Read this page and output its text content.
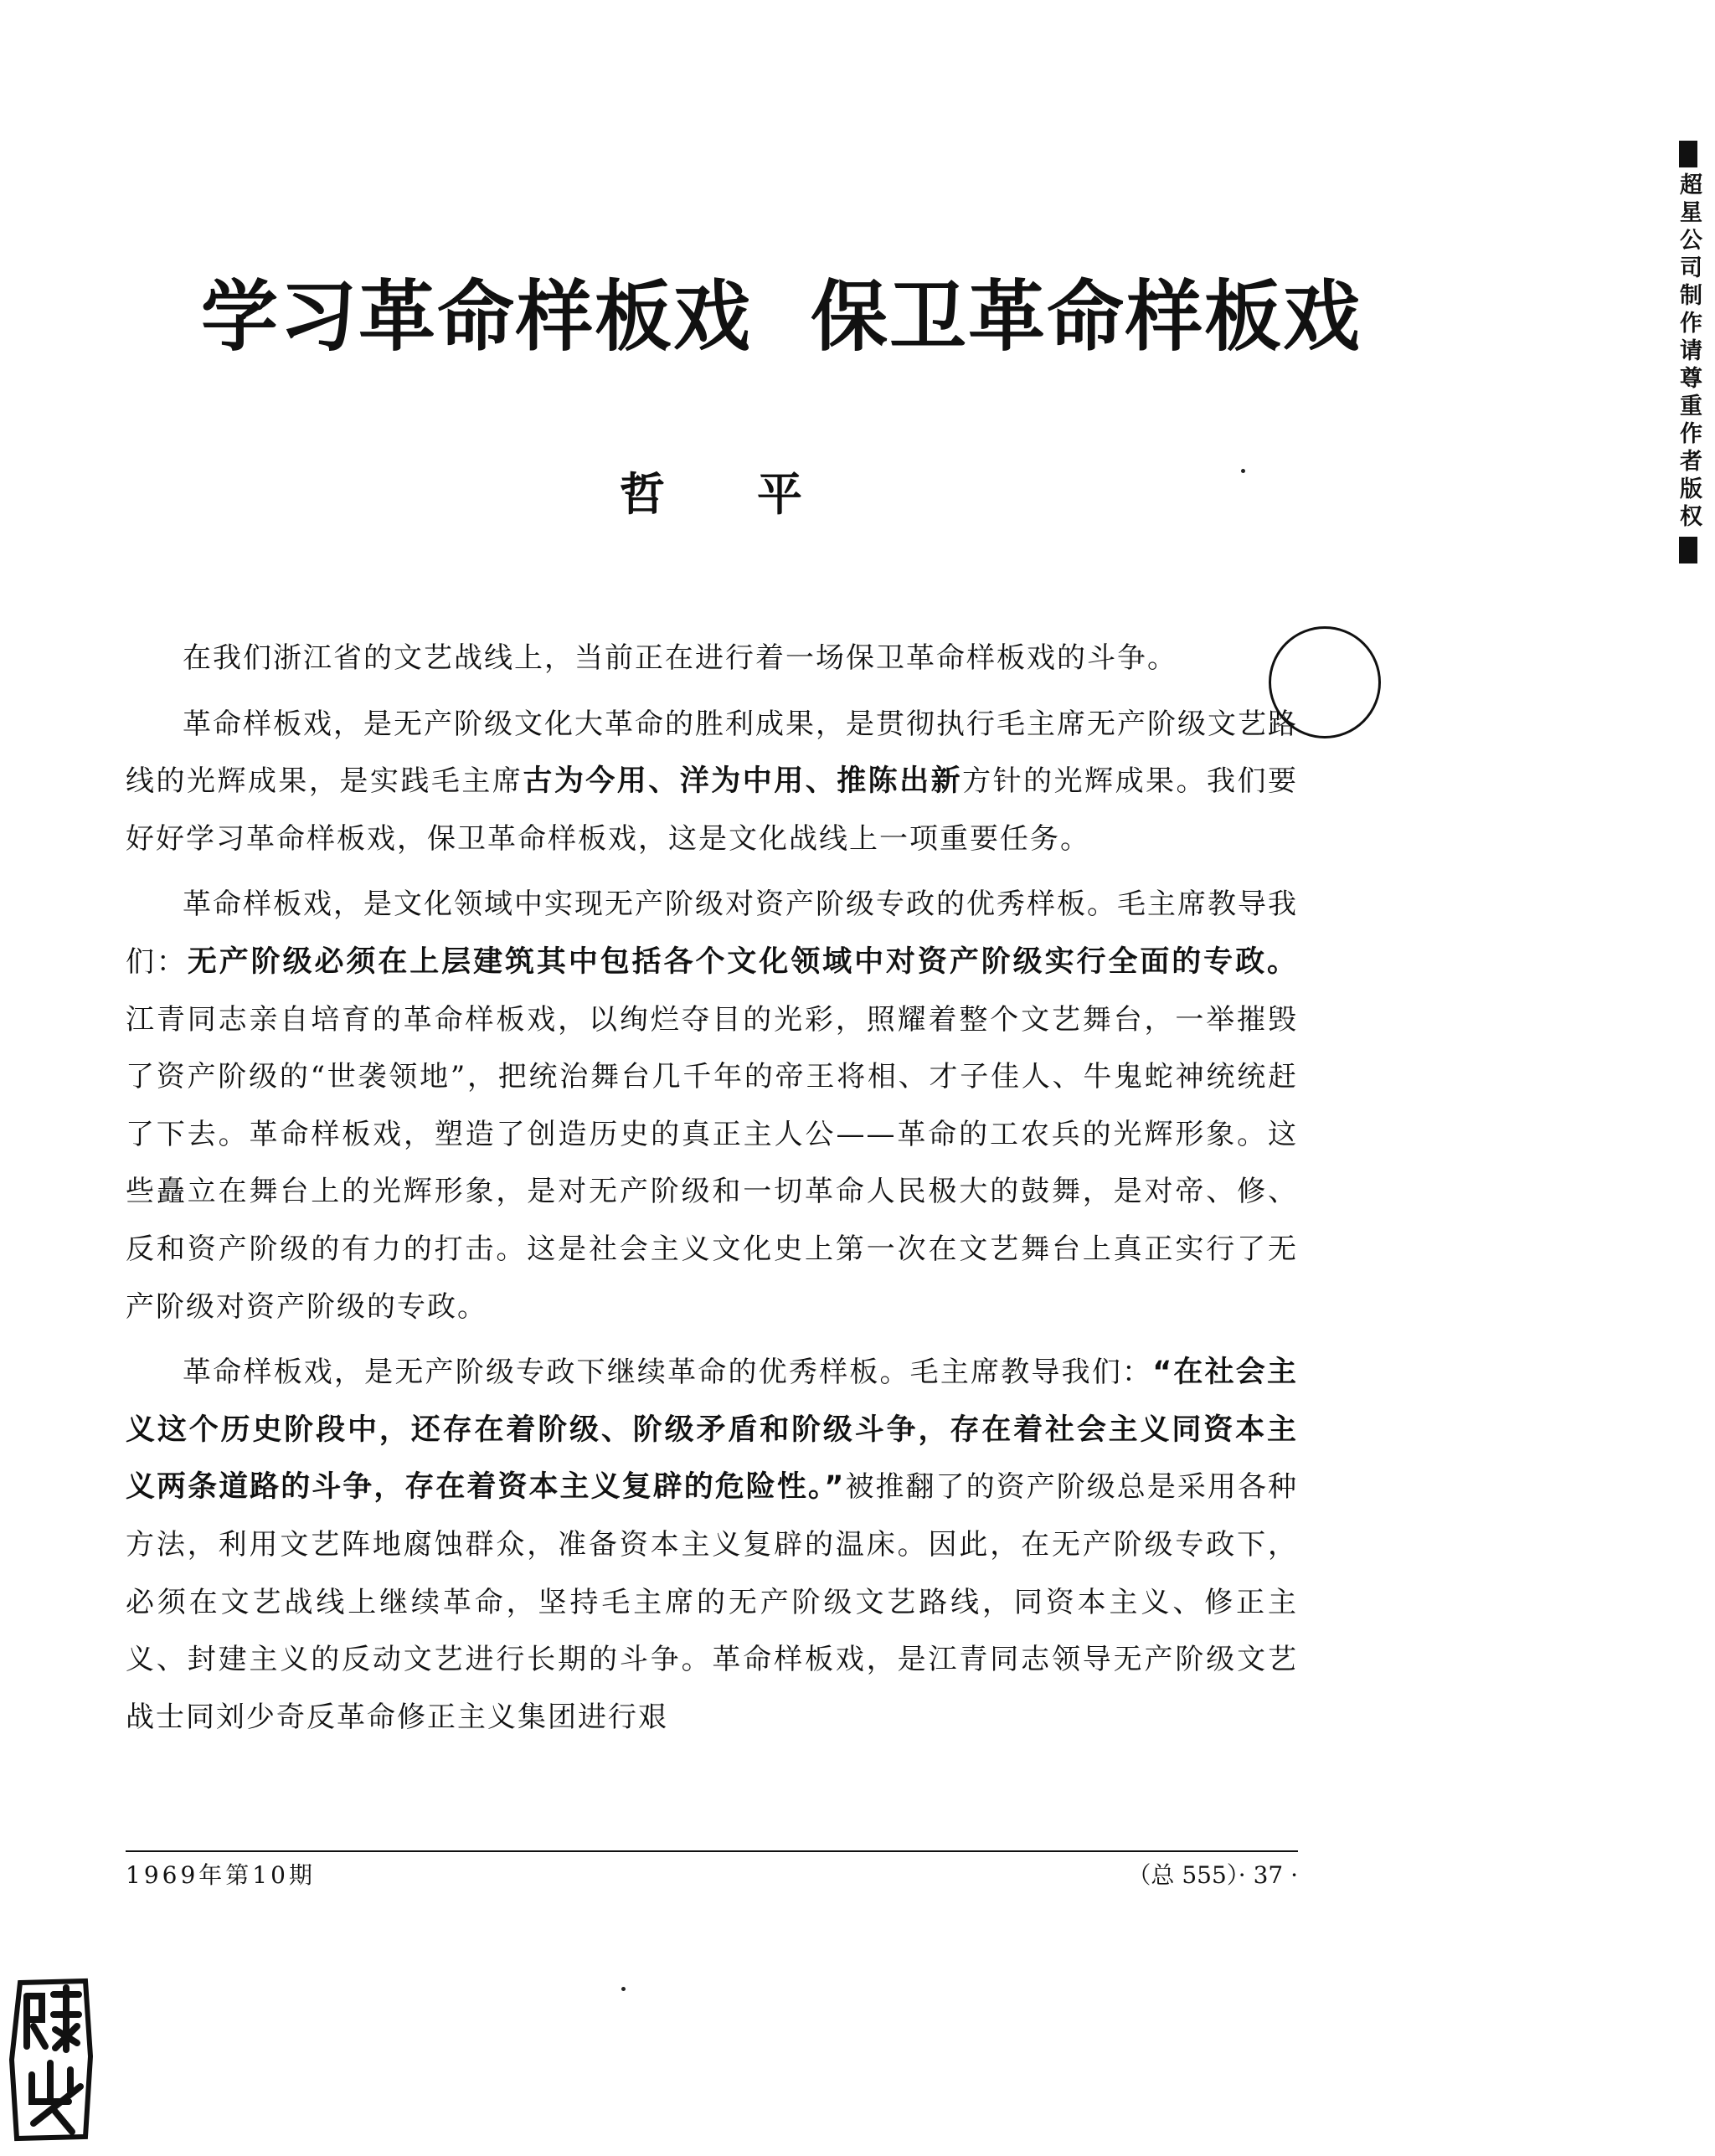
学习革命样板戏 保卫革命样板戏
哲平

在我们浙江省的文艺战线上，当前正在进行着一场保卫革命样板戏的斗争。

革命样板戏，是无产阶级文化大革命的胜利成果，是贯彻执行毛主席无产阶级文艺路线的光辉成果，是实践毛主席古为今用、洋为中用、推陈出新方针的光辉成果。我们要好好学习革命样板戏，保卫革命样板戏，这是文化战线上一项重要任务。

革命样板戏，是文化领域中实现无产阶级对资产阶级专政的优秀样板。毛主席教导我们：无产阶级必须在上层建筑其中包括各个文化领域中对资产阶级实行全面的专政。江青同志亲自培育的革命样板戏，以绚烂夺目的光彩，照耀着整个文艺舞台，一举摧毁了资产阶级的“世袭领地”，把统治舞台几千年的帝王将相、才子佳人、牛鬼蛇神统统赶了下去。革命样板戏，塑造了创造历史的真正主人公——革命的工农兵的光辉形象。这些矗立在舞台上的光辉形象，是对无产阶级和一切革命人民极大的鼓舞，是对帝、修、反和资产阶级的有力的打击。这是社会主义文化史上第一次在文艺舞台上真正实行了无产阶级对资产阶级的专政。

革命样板戏，是无产阶级专政下继续革命的优秀样板。毛主席教导我们：“在社会主义这个历史阶段中，还存在着阶级、阶级矛盾和阶级斗争，存在着社会主义同资本主义两条道路的斗争，存在着资本主义复辟的危险性。”被推翻了的资产阶级总是采用各种方法，利用文艺阵地腐蚀群众，准备资本主义复辟的温床。因此，在无产阶级专政下，必须在文艺战线上继续革命，坚持毛主席的无产阶级文艺路线，同资本主义、修正主义、封建主义的反动文艺进行长期的斗争。革命样板戏，是江青同志领导无产阶级文艺战士同刘少奇反革命修正主义集团进行艰

1969年第10期	（总 555）· 37 ·
超星公司制作请尊重作者版权
